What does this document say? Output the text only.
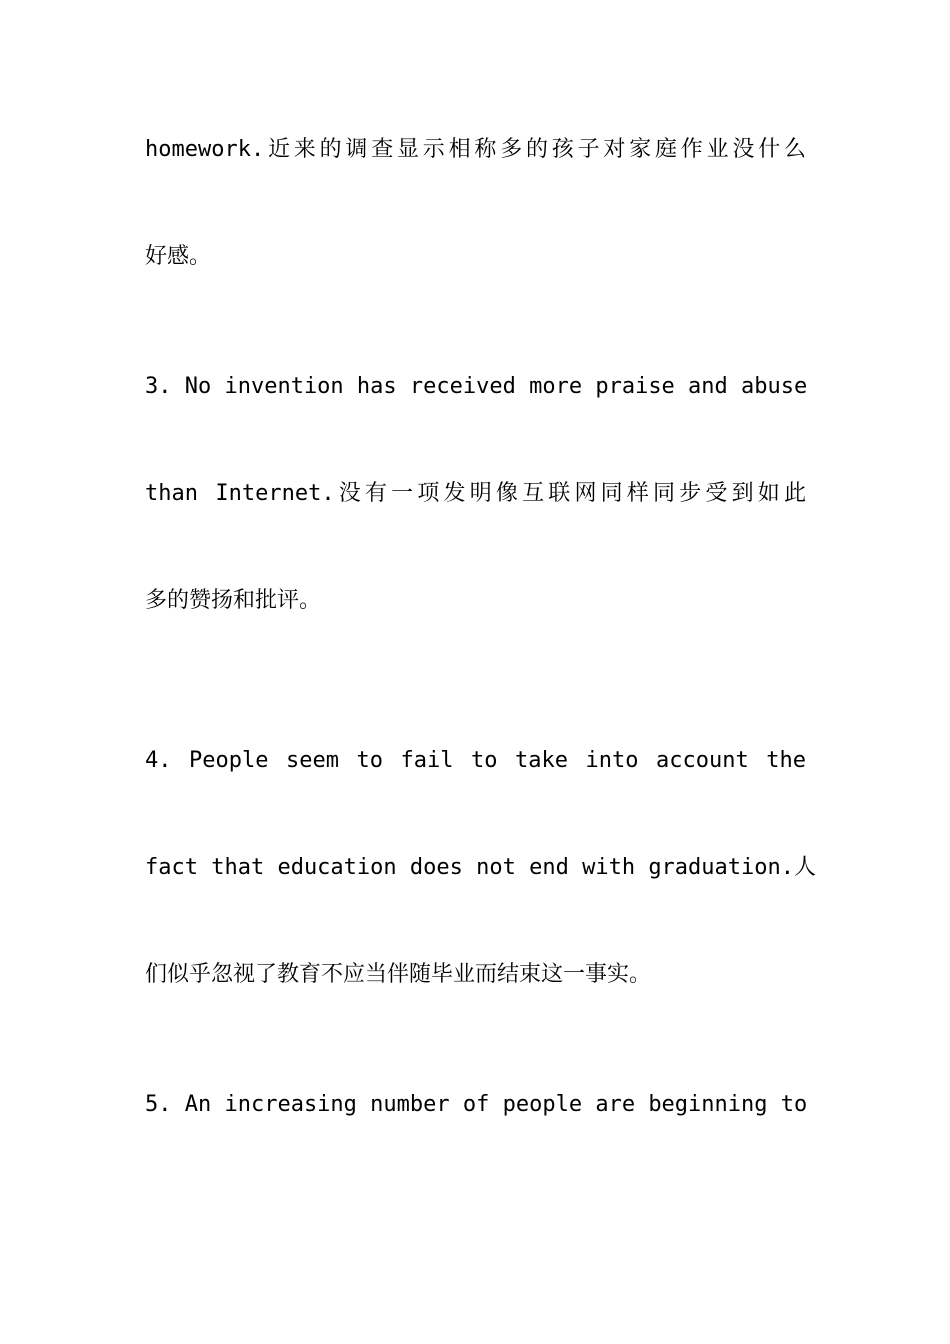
homework.近来的调查显示相称多的孩子对家庭作业没什么
好感。
3. No invention has received more praise and abuse
than Internet.没有一项发明像互联网同样同步受到如此
多的赞扬和批评。
4. People seem to fail to take into account the
fact that education does not end with graduation.人
们似乎忽视了教育不应当伴随毕业而结束这一事实。
5. An increasing number of people are beginning to
